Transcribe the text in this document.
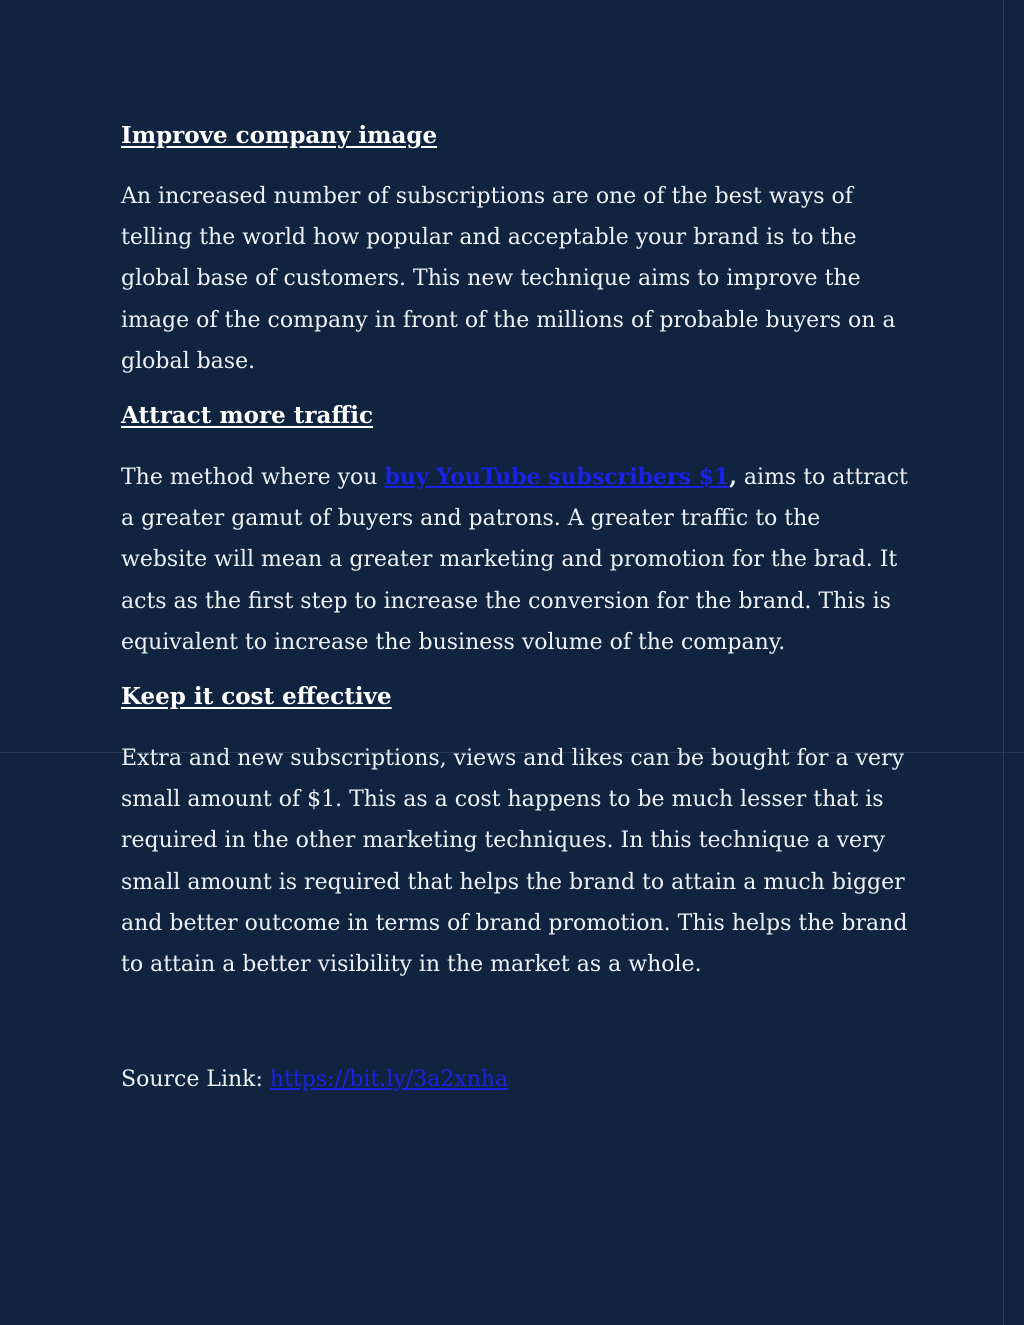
Improve company image

An increased number of subscriptions are one of the best ways of telling the world how popular and acceptable your brand is to the global base of customers. This new technique aims to improve the image of the company in front of the millions of probable buyers on a global base.

Attract more traffic

The method where you buy YouTube subscribers $1, aims to attract a greater gamut of buyers and patrons. A greater traffic to the website will mean a greater marketing and promotion for the brad. It acts as the first step to increase the conversion for the brand. This is equivalent to increase the business volume of the company.

Keep it cost effective

Extra and new subscriptions, views and likes can be bought for a very small amount of $1. This as a cost happens to be much lesser that is required in the other marketing techniques. In this technique a very small amount is required that helps the brand to attain a much bigger and better outcome in terms of brand promotion. This helps the brand to attain a better visibility in the market as a whole.

Source Link: https://bit.ly/3a2xnha
